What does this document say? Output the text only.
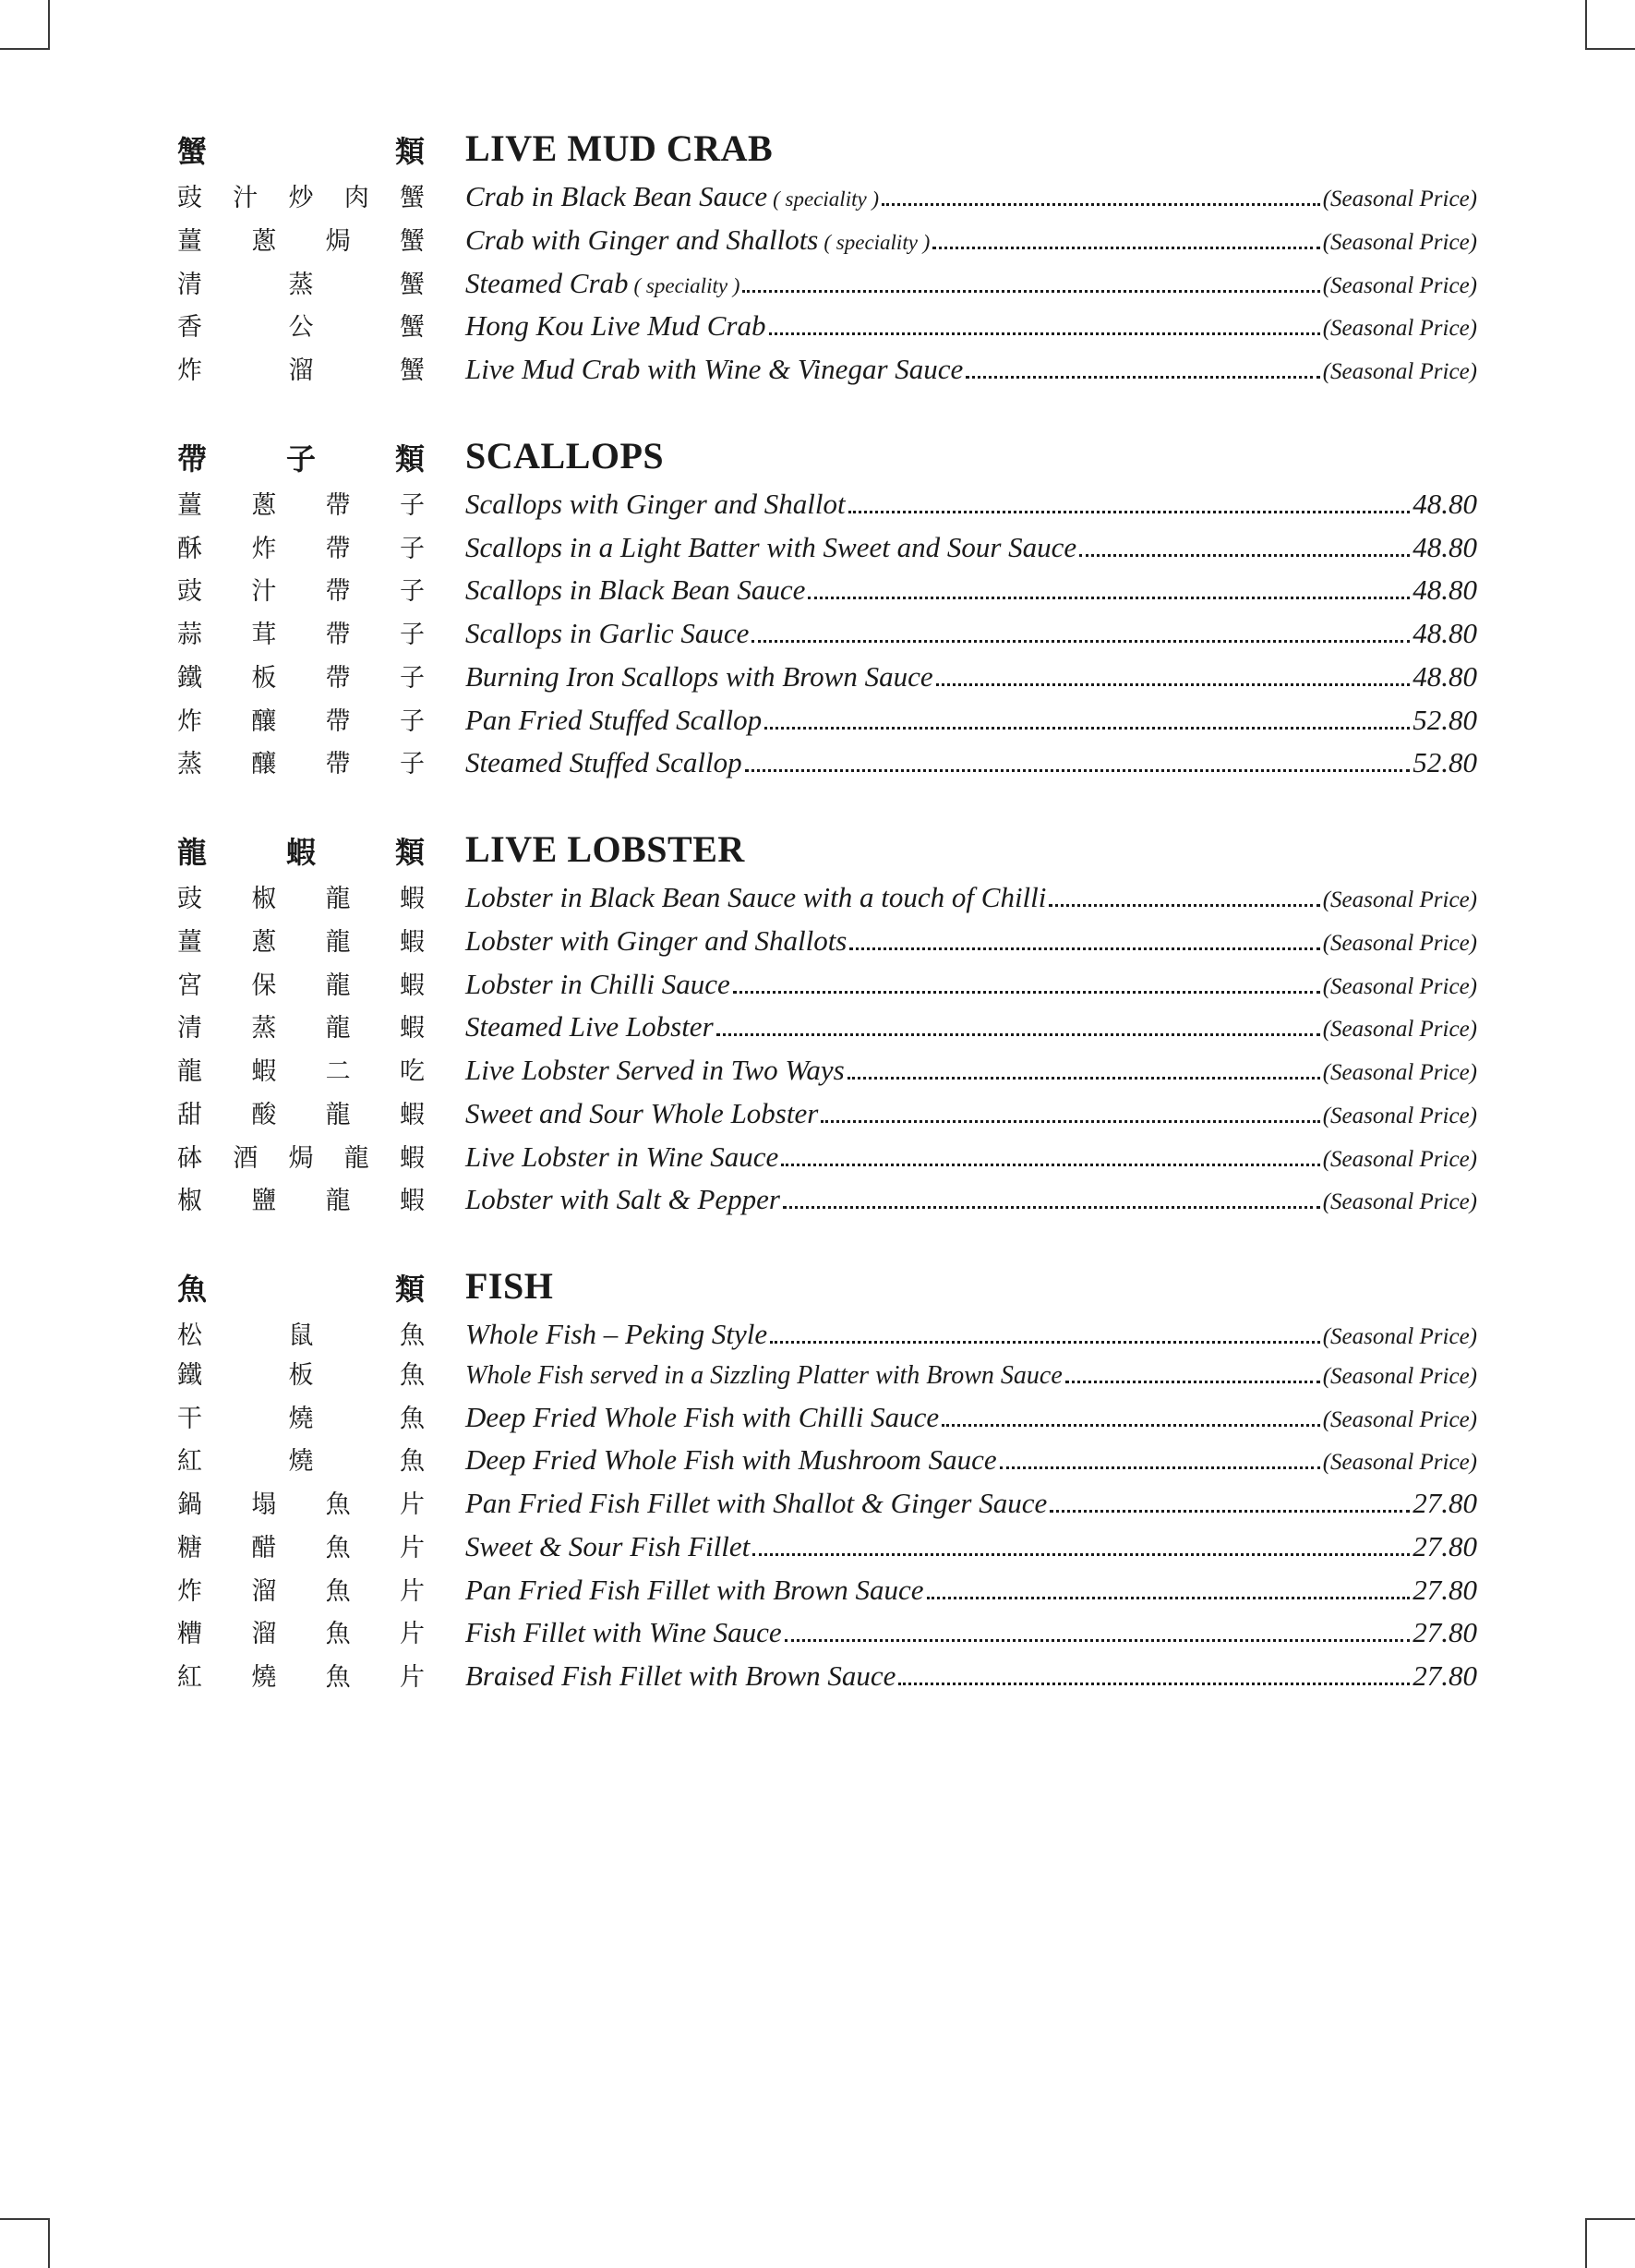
蟹	類	LIVE MUD CRAB
豉 汁 炒 肉 蟹 Crab in Black Bean Sauce ( speciality )	(Seasonal Price)
薑 蔥 焗 蟹 Crab with Ginger and Shallots ( speciality )	(Seasonal Price)
清	蒸	蟹 Steamed Crab ( speciality )	(Seasonal Price)
香	公	蟹 Hong Kou Live Mud Crab	(Seasonal Price)
炸	溜	蟹 Live Mud Crab with Wine & Vinegar Sauce	(Seasonal Price)
帶	子	類	SCALLOPS
薑 蔥 帶 子 Scallops with Ginger and Shallot	48.80
酥 炸 帶 子 Scallops in a Light Batter with Sweet and Sour Sauce	48.80
豉 汁 帶 子 Scallops in Black Bean Sauce	48.80
蒜 茸 帶 子 Scallops in Garlic Sauce	48.80
鐵 板 帶 子 Burning Iron Scallops with Brown Sauce	48.80
炸 釀 帶 子 Pan Fried Stuffed Scallop	52.80
蒸 釀 帶 子 Steamed Stuffed Scallop	52.80
龍	蝦	類	LIVE LOBSTER
豉 椒 龍 蝦 Lobster in Black Bean Sauce with a touch of Chilli	(Seasonal Price)
薑 蔥 龍 蝦 Lobster with Ginger and Shallots	(Seasonal Price)
宮 保 龍 蝦 Lobster in Chilli Sauce	(Seasonal Price)
清 蒸 龍 蝦 Steamed Live Lobster	(Seasonal Price)
龍 蝦 二 吃 Live Lobster Served in Two Ways	(Seasonal Price)
甜 酸 龍 蝦 Sweet and Sour Whole Lobster	(Seasonal Price)
砵 酒 焗 龍 蝦 Live Lobster in Wine Sauce	(Seasonal Price)
椒 鹽 龍 蝦 Lobster with Salt & Pepper	(Seasonal Price)
魚	類	FISH
松	鼠	魚 Whole Fish – Peking Style	(Seasonal Price)
鐵	板	魚 Whole Fish served in a Sizzling Platter with Brown Sauce	(Seasonal Price)
干	燒	魚 Deep Fried Whole Fish with Chilli Sauce	(Seasonal Price)
紅	燒	魚 Deep Fried Whole Fish with Mushroom Sauce	(Seasonal Price)
鍋 塌 魚 片 Pan Fried Fish Fillet with Shallot & Ginger Sauce	27.80
糖 醋 魚 片 Sweet & Sour Fish Fillet	27.80
炸 溜 魚 片 Pan Fried Fish Fillet with Brown Sauce	27.80
糟 溜 魚 片 Fish Fillet with Wine Sauce	27.80
紅 燒 魚 片 Braised Fish Fillet with Brown Sauce	27.80
